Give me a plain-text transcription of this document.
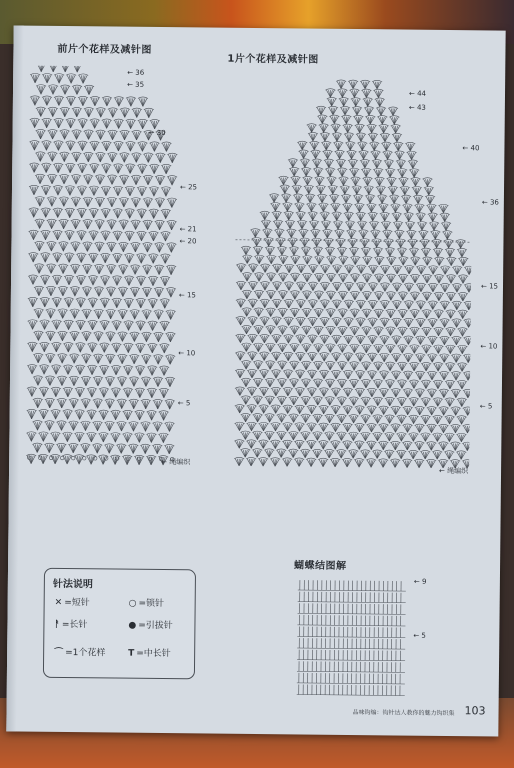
前片个花样及减针图
1片个花样及减针图
← 36
← 35
← 30
← 25
← 21
← 20
← 15
← 10
← 5
← 绳编织
← 44
← 43
← 40
← 36
← 15
← 10
← 5
← 绳编织
针法说明
✕ =短针	○ =锁针
ᚨ =长针	● =引拔针
⌒ =1个花样	T =中长针
蝴蝶结图解
← 9
← 5
品味钩编：钩针达人教你的魅力钩织集 103
